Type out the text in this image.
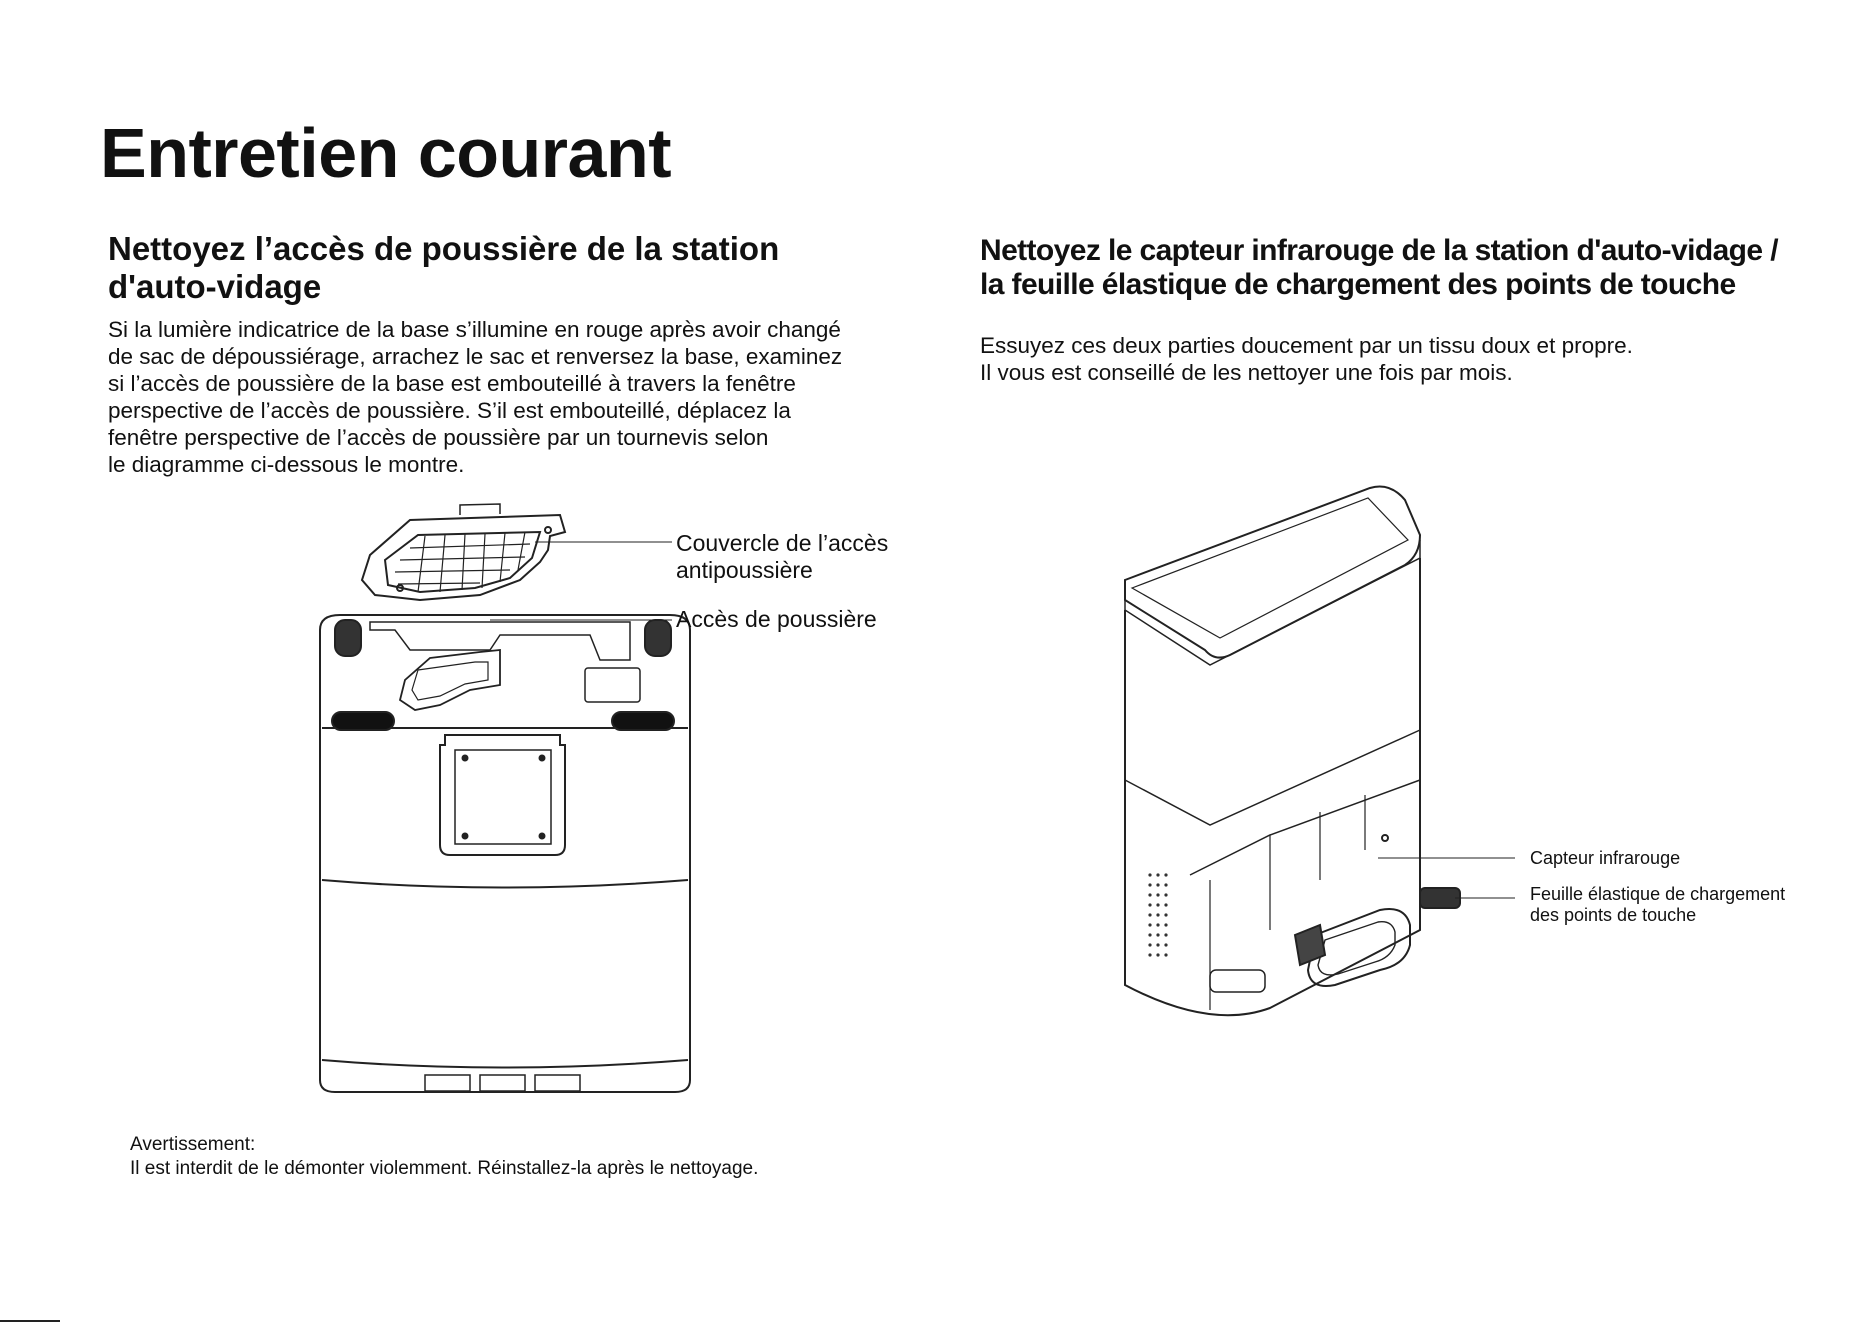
Entretien courant
Nettoyez l’accès de poussière de la station
d'auto-vidage

Si la lumière indicatrice de la base s’illumine en rouge après avoir changé
de sac de dépoussiérage, arrachez le sac et renversez la base, examinez
si l’accès de poussière de la base est embouteillé à travers la fenêtre
perspective de l’accès de poussière. S’il est embouteillé, déplacez la
fenêtre perspective de l’accès de poussière par un tournevis selon
le diagramme ci-dessous le montre.

Couvercle de l’accès
antipoussière

Accès de poussière

Avertissement:

Il est interdit de le démonter violemment. Réinstallez-la après le nettoyage.

Nettoyez le capteur infrarouge de la station d'auto-vidage /
la feuille élastique de chargement des points de touche

Essuyez ces deux parties doucement par un tissu doux et propre.
Il vous est conseillé de les nettoyer une fois par mois.

Capteur infrarouge

Feuille élastique de chargement
des points de touche
